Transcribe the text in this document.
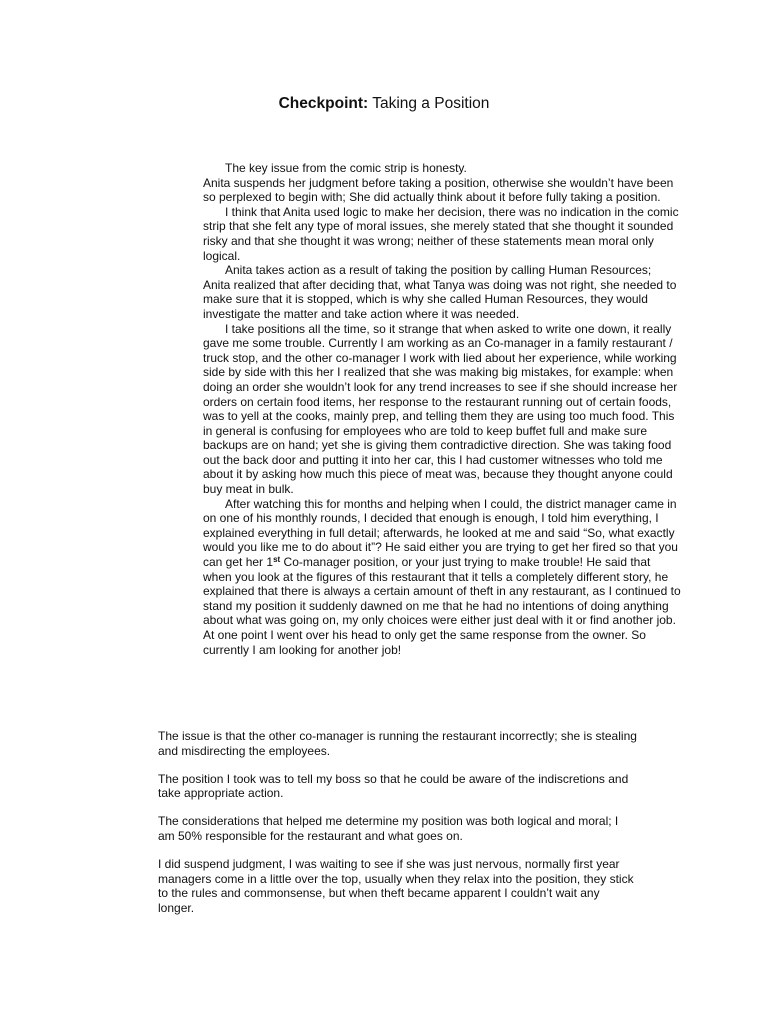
Checkpoint: Taking a Position

The key issue from the comic strip is honesty.

Anita suspends her judgment before taking a position, otherwise she wouldn’t have been so perplexed to begin with; She did actually think about it before fully taking a position.

I think that Anita used logic to make her decision, there was no indication in the comic strip that she felt any type of moral issues, she merely stated that she thought it sounded risky and that she thought it was wrong; neither of these statements mean moral only logical.

Anita takes action as a result of taking the position by calling Human Resources; Anita realized that after deciding that, what Tanya was doing was not right, she needed to make sure that it is stopped, which is why she called Human Resources, they would investigate the matter and take action where it was needed.

I take positions all the time, so it strange that when asked to write one down, it really gave me some trouble. Currently I am working as an Co-manager in a family restaurant / truck stop, and the other co-manager I work with lied about her experience, while working side by side with this her I realized that she was making big mistakes, for example: when doing an order she wouldn’t look for any trend increases to see if she should increase her orders on certain food items, her response to the restaurant running out of certain foods, was to yell at the cooks, mainly prep, and telling them they are using too much food. This in general is confusing for employees who are told to keep buffet full and make sure backups are on hand; yet she is giving them contradictive direction. She was taking food out the back door and putting it into her car, this I had customer witnesses who told me about it by asking how much this piece of meat was, because they thought anyone could buy meat in bulk.

After watching this for months and helping when I could, the district manager came in on one of his monthly rounds, I decided that enough is enough, I told him everything, I explained everything in full detail; afterwards, he looked at me and said “So, what exactly would you like me to do about it”? He said either you are trying to get her fired so that you can get her 1st Co-manager position, or your just trying to make trouble! He said that when you look at the figures of this restaurant that it tells a completely different story, he explained that there is always a certain amount of theft in any restaurant, as I continued to stand my position it suddenly dawned on me that he had no intentions of doing anything about what was going on, my only choices were either just deal with it or find another job. At one point I went over his head to only get the same response from the owner. So currently I am looking for another job!

The issue is that the other co-manager is running the restaurant incorrectly; she is stealing and misdirecting the employees.

The position I took was to tell my boss so that he could be aware of the indiscretions and take appropriate action.

The considerations that helped me determine my position was both logical and moral; I am 50% responsible for the restaurant and what goes on.

I did suspend judgment, I was waiting to see if she was just nervous, normally first year managers come in a little over the top, usually when they relax into the position, they stick to the rules and commonsense, but when theft became apparent I couldn’t wait any longer.
